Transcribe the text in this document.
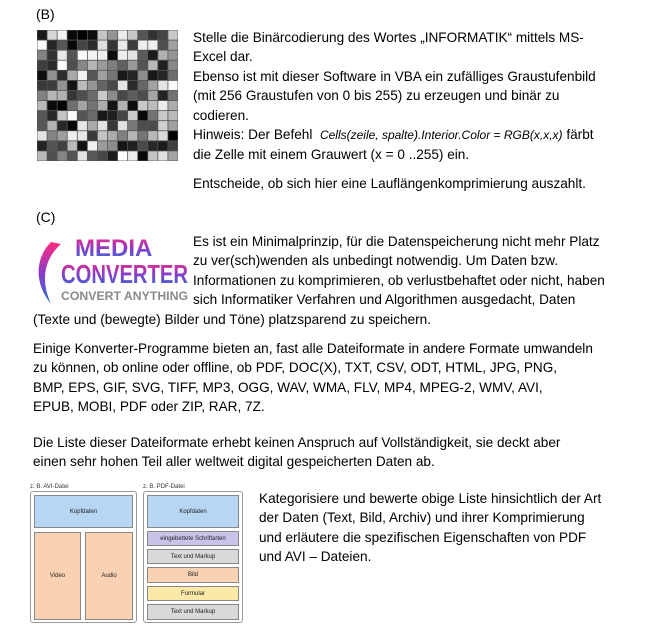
(B)
Stelle die Binärcodierung des Wortes „INFORMATIK“ mittels MS-
Excel dar.
Ebenso ist mit dieser Software in VBA ein zufälliges Graustufenbild
(mit 256 Graustufen von 0 bis 255) zu erzeugen und binär zu
codieren.
Hinweis: Der Befehl Cells(zeile, spalte).Interior.Color = RGB(x,x,x) färbt
die Zelle mit einem Grauwert (x = 0 ..255) ein.
Entscheide, ob sich hier eine Lauflängenkomprimierung auszahlt.
(C)
MEDIA
CONVERTER
CONVERT ANYTHING
Es ist ein Minimalprinzip, für die Datenspeicherung nicht mehr Platz
zu ver(sch)wenden als unbedingt notwendig. Um Daten bzw.
Informationen zu komprimieren, ob verlustbehaftet oder nicht, haben
sich Informatiker Verfahren und Algorithmen ausgedacht, Daten
(Texte und (bewegte) Bilder und Töne) platzsparend zu speichern.
Einige Konverter-Programme bieten an, fast alle Dateiformate in andere Formate umwandeln
zu können, ob online oder offline, ob PDF, DOC(X), TXT, CSV, ODT, HTML, JPG, PNG,
BMP, EPS, GIF, SVG, TIFF, MP3, OGG, WAV, WMA, FLV, MP4, MPEG-2, WMV, AVI,
EPUB, MOBI, PDF oder ZIP, RAR, 7Z.
Die Liste dieser Dateiformate erhebt keinen Anspruch auf Vollständigkeit, sie deckt aber
einen sehr hohen Teil aller weltweit digital gespeicherten Daten ab.
z. B. AVI-Datei
Kopfdaten
Video	Audio
z. B. PDF-Datei
Kopfdaten
eingebettete Schriftarten
Text und Markup
Bild
Formular
Text und Markup
Kategorisiere und bewerte obige Liste hinsichtlich der Art
der Daten (Text, Bild, Archiv) und ihrer Komprimierung
und erläutere die spezifischen Eigenschaften von PDF
und AVI – Dateien.
